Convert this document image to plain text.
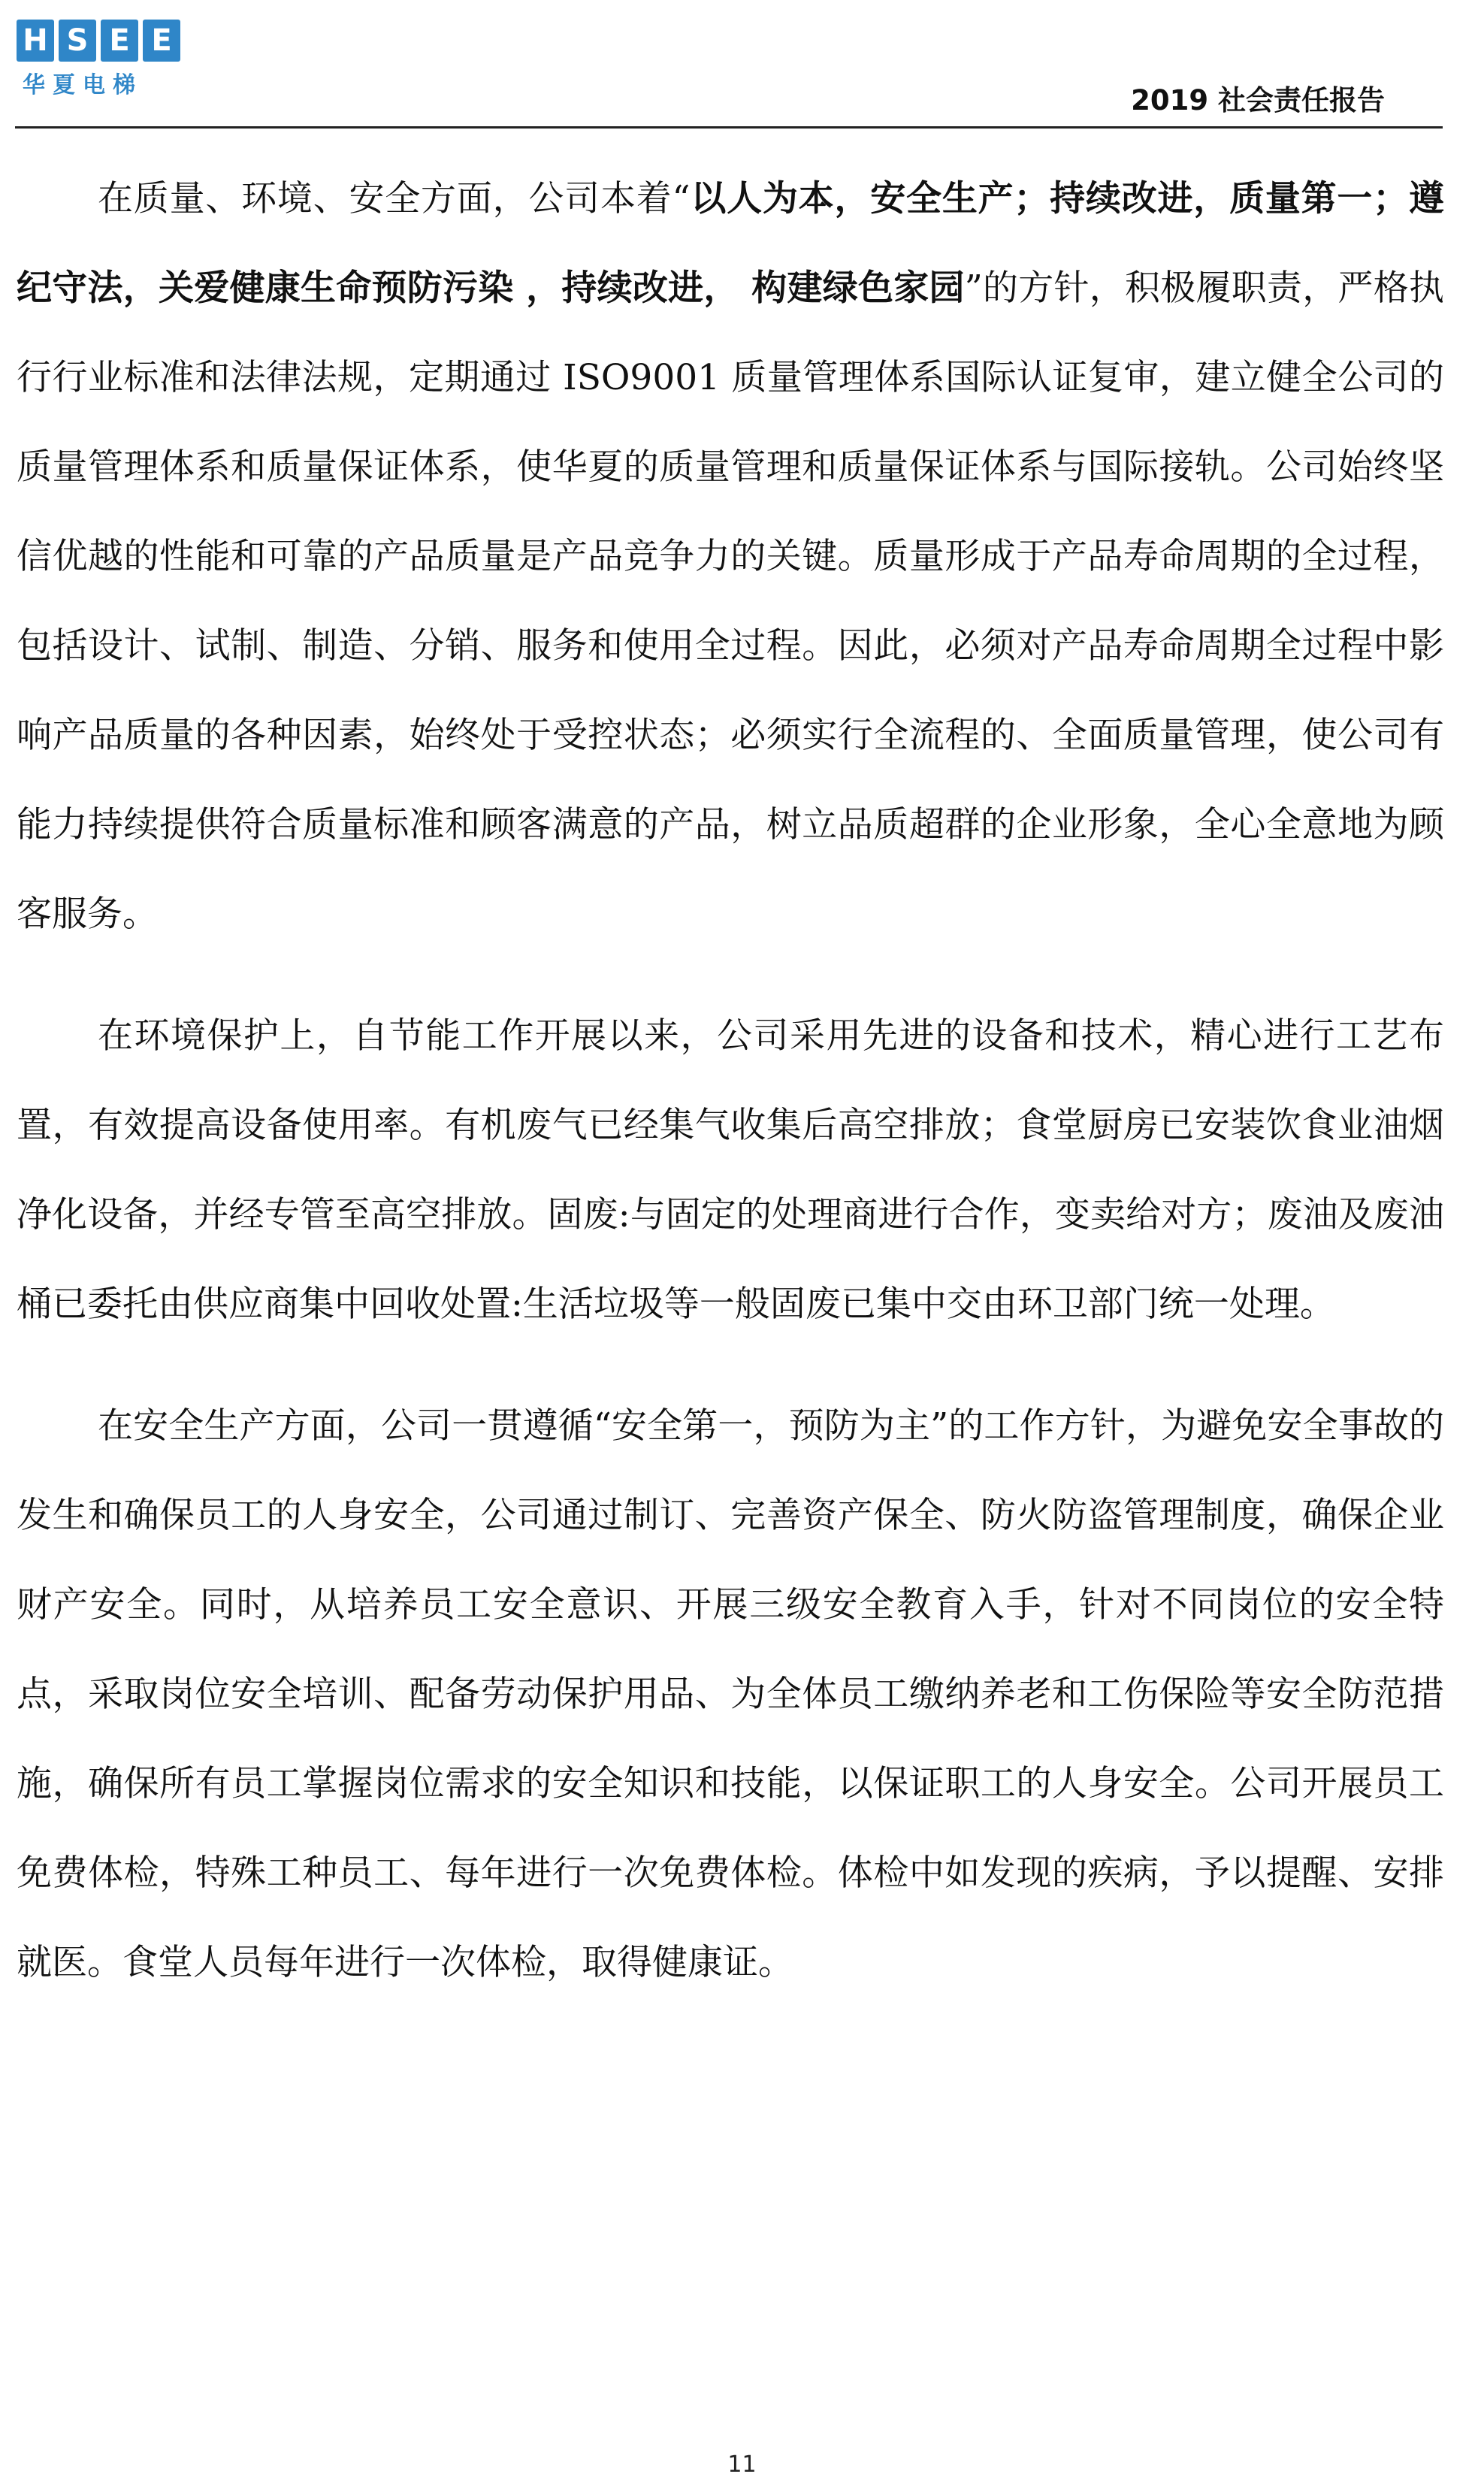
H S E E
华夏电梯	2019 社会责任报告

在质量、环境、安全方面，公司本着“以人为本，安全生产；持续改进，质量第一；遵纪守法，关爱健康生命预防污染 ，持续改进， 构建绿色家园”的方针，积极履职责，严格执行行业标准和法律法规，定期通过 ISO9001 质量管理体系国际认证复审，建立健全公司的质量管理体系和质量保证体系，使华夏的质量管理和质量保证体系与国际接轨。公司始终坚信优越的性能和可靠的产品质量是产品竞争力的关键。质量形成于产品寿命周期的全过程，包括设计、试制、制造、分销、服务和使用全过程。因此，必须对产品寿命周期全过程中影响产品质量的各种因素，始终处于受控状态；必须实行全流程的、全面质量管理，使公司有能力持续提供符合质量标准和顾客满意的产品，树立品质超群的企业形象，全心全意地为顾客服务。

在环境保护上，自节能工作开展以来，公司采用先进的设备和技术，精心进行工艺布置，有效提高设备使用率。有机废气已经集气收集后高空排放；食堂厨房已安装饮食业油烟净化设备，并经专管至高空排放。固废:与固定的处理商进行合作，变卖给对方；废油及废油桶已委托由供应商集中回收处置:生活垃圾等一般固废已集中交由环卫部门统一处理。

在安全生产方面，公司一贯遵循“安全第一，预防为主”的工作方针，为避免安全事故的发生和确保员工的人身安全，公司通过制订、完善资产保全、防火防盗管理制度，确保企业财产安全。同时，从培养员工安全意识、开展三级安全教育入手，针对不同岗位的安全特点，采取岗位安全培训、配备劳动保护用品、为全体员工缴纳养老和工伤保险等安全防范措施，确保所有员工掌握岗位需求的安全知识和技能，以保证职工的人身安全。公司开展员工免费体检，特殊工种员工、每年进行一次免费体检。体检中如发现的疾病，予以提醒、安排就医。食堂人员每年进行一次体检，取得健康证。

11
